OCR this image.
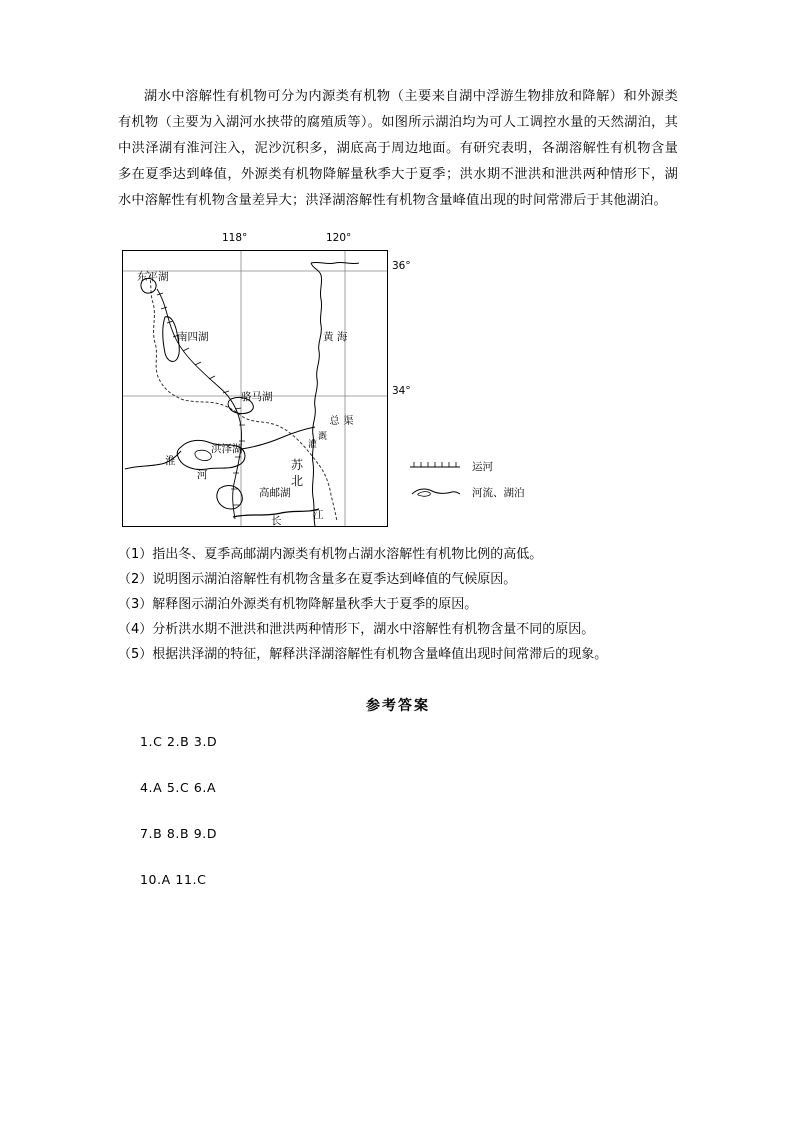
湖水中溶解性有机物可分为内源类有机物（主要来自湖中浮游生物排放和降解）和外源类有机物（主要为入湖河水挟带的腐殖质等）。如图所示湖泊均为可人工调控水量的天然湖泊，其中洪泽湖有淮河注入，泥沙沉积多，湖底高于周边地面。有研究表明，各湖溶解性有机物含量多在夏季达到峰值，外源类有机物降解量秋季大于夏季；洪水期不泄洪和泄洪两种情形下，湖水中溶解性有机物含量差异大；洪泽湖溶解性有机物含量峰值出现的时间常滞后于其他湖泊。
118°	120°
36°
34°
东平湖
南四湖	黄 海
骆马湖
洪泽湖
高邮湖
淮
河
长	江
苏
北
灌
溉
总 渠
运河
河流、湖泊
（1）指出冬、夏季高邮湖内源类有机物占湖水溶解性有机物比例的高低。
（2）说明图示湖泊溶解性有机物含量多在夏季达到峰值的气候原因。
（3）解释图示湖泊外源类有机物降解量秋季大于夏季的原因。
（4）分析洪水期不泄洪和泄洪两种情形下，湖水中溶解性有机物含量不同的原因。
（5）根据洪泽湖的特征，解释洪泽湖溶解性有机物含量峰值出现时间常滞后的现象。
参考答案
1.C 2.B 3.D
4.A 5.C 6.A
7.B 8.B 9.D
10.A 11.C
